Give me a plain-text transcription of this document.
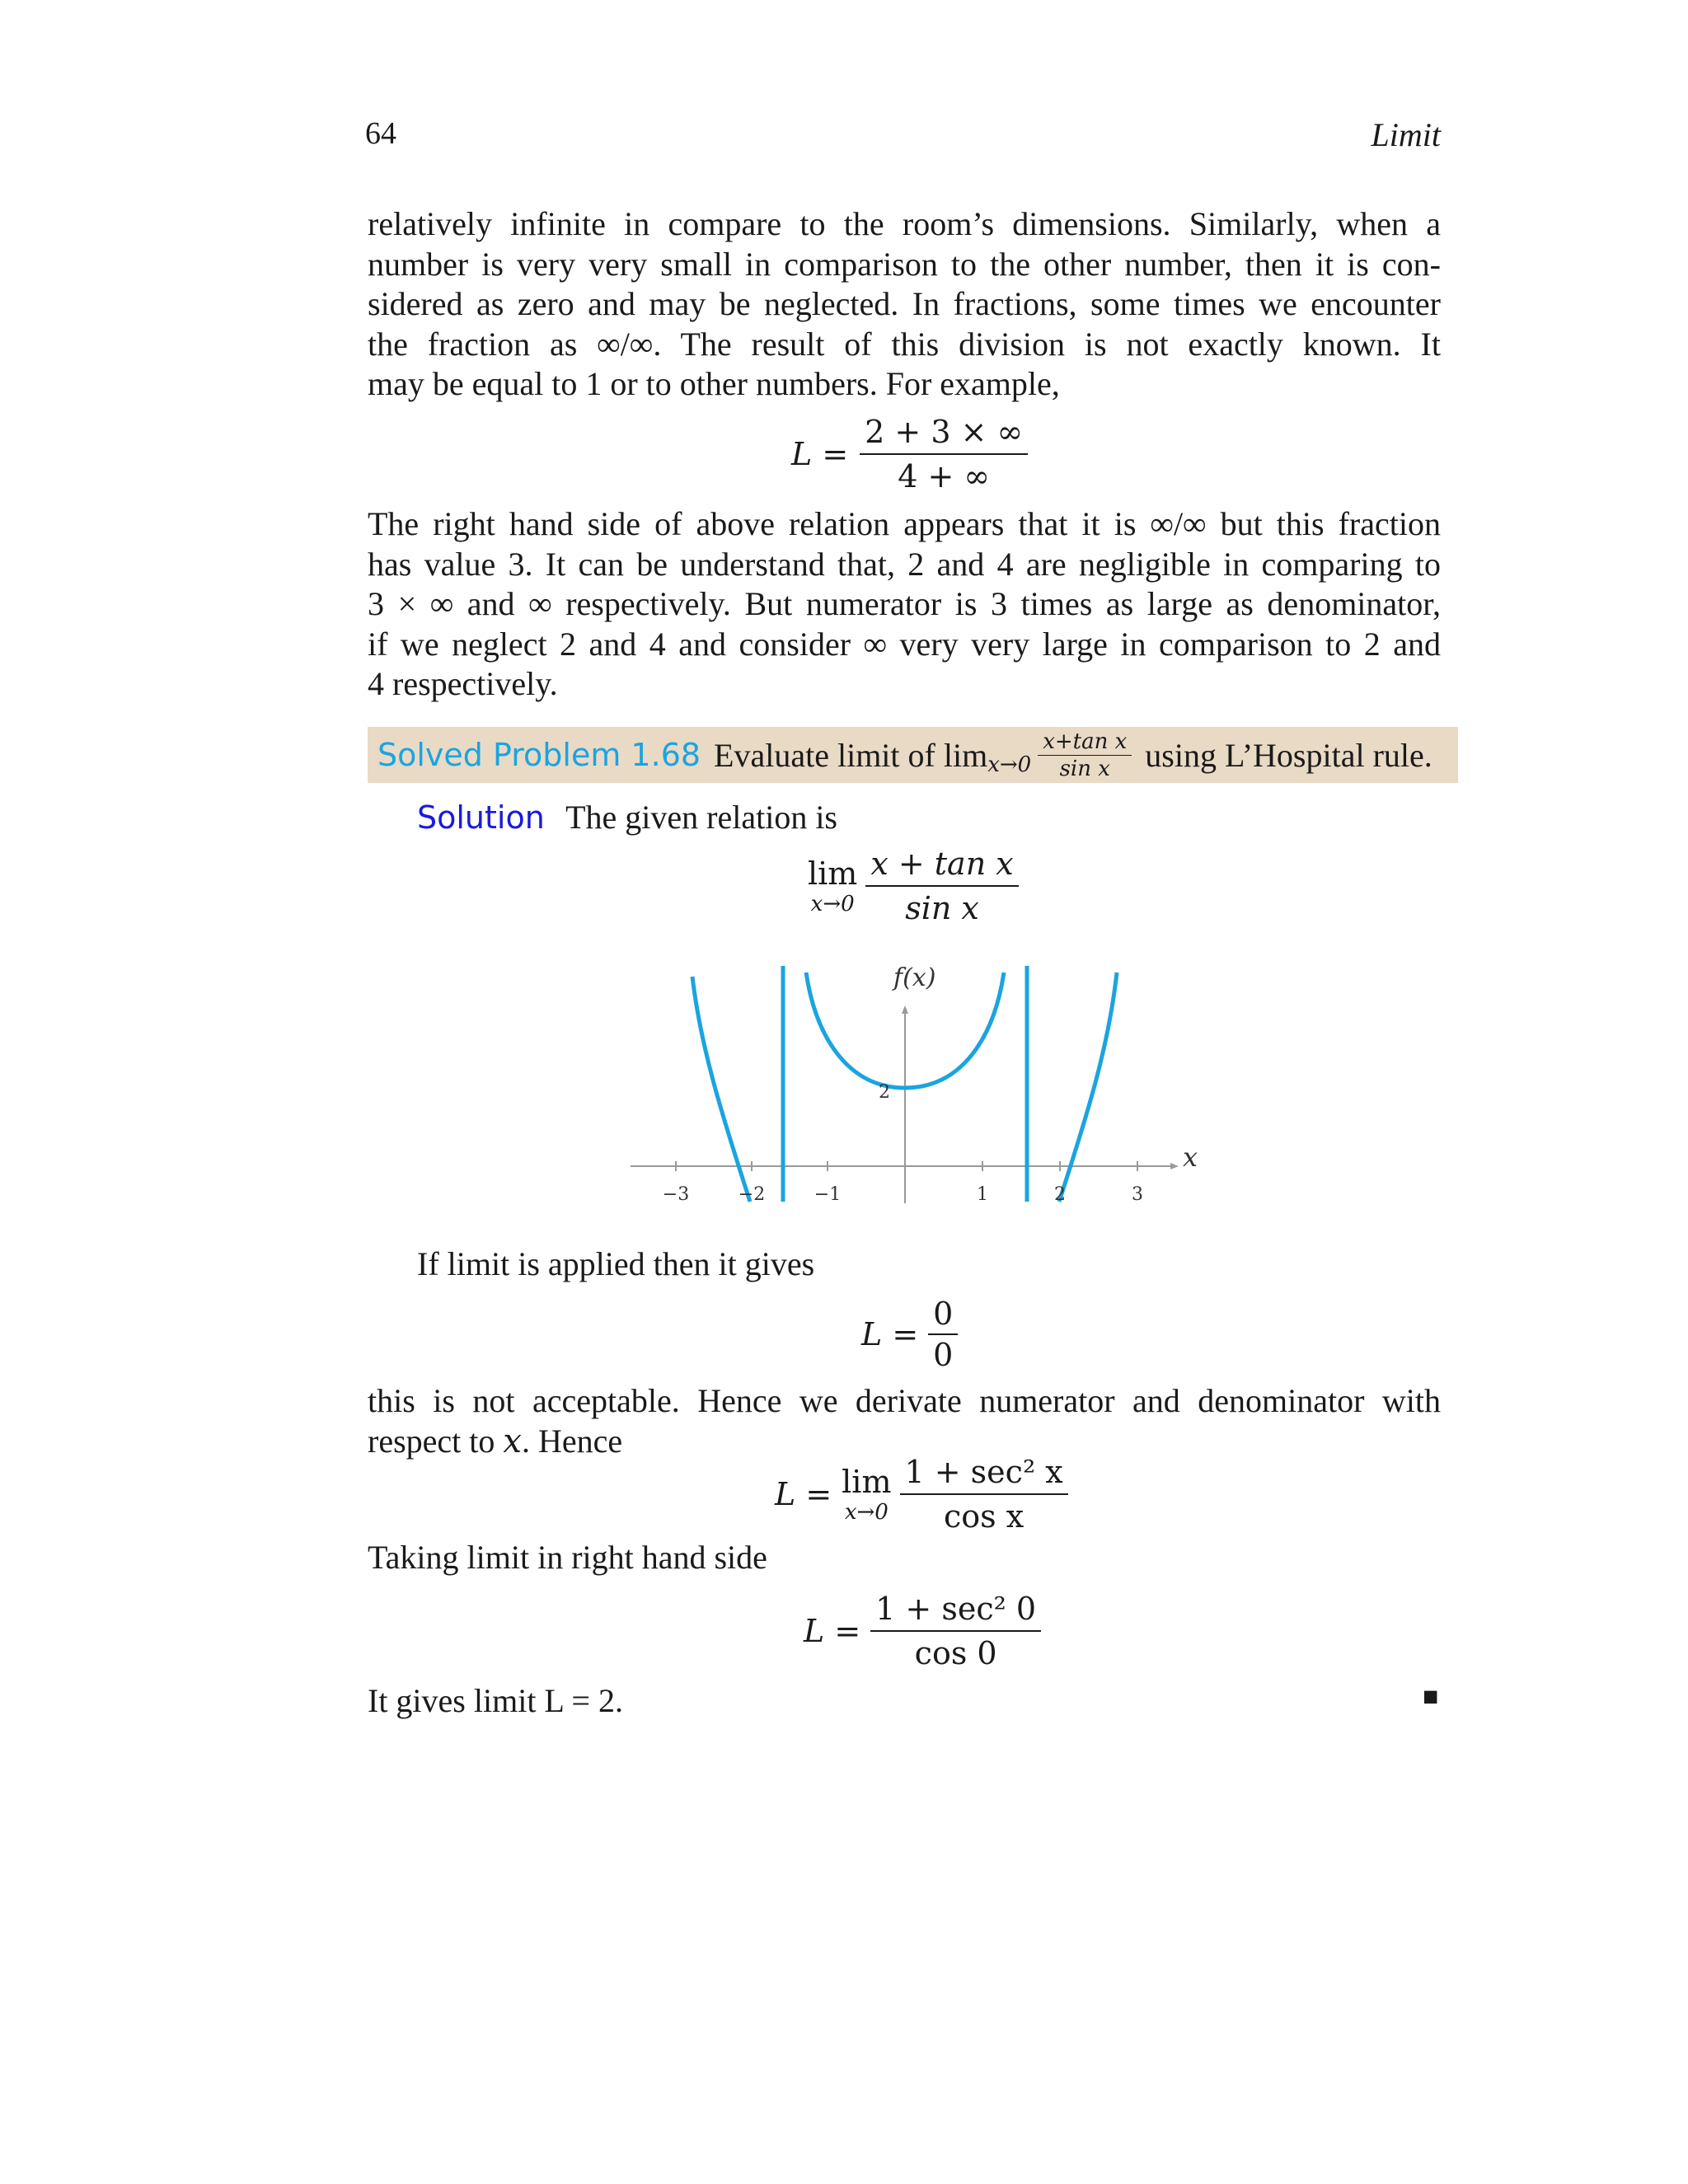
64	Limit

relatively infinite in compare to the room’s dimensions. Similarly, when a

number is very very small in comparison to the other number, then it is con-

sidered as zero and may be neglected. In fractions, some times we encounter

the fraction as ∞/∞. The result of this division is not exactly known. It

may be equal to 1 or to other numbers. For example,

$L = \frac{2 + 3 \times \infty}{4 + \infty}$

The right hand side of above relation appears that it is ∞/∞ but this fraction

has value 3. It can be understand that, 2 and 4 are negligible in comparing to

3 × ∞ and ∞ respectively. But numerator is 3 times as large as denominator,

if we neglect 2 and 4 and consider ∞ very very large in comparison to 2 and

4 respectively.

Solved Problem 1.68 Evaluate limit of $\lim x\to 0 \frac{\text{x+tan x}}{\text{sin x}}$ using L’Hospital rule.
Solution The given relation is
lim
$x\to 0 \frac{\text{x + tan x}}{\text{sin x}}$
f(x)
x
2
−3	−2	−1	1	2	3
If limit is applied then it gives
$L = \frac{0}{0}$

this is not acceptable. Hence we derivate numerator and denominator with

respect to x. Hence

L = lim
$x\to 0 \frac{\text{1 + sec² x}}{\text{cos x}}$
Taking limit in right hand side
$L = \frac{\text{1 + sec² 0}}{\cos 0}$
It gives limit L = 2.	■
